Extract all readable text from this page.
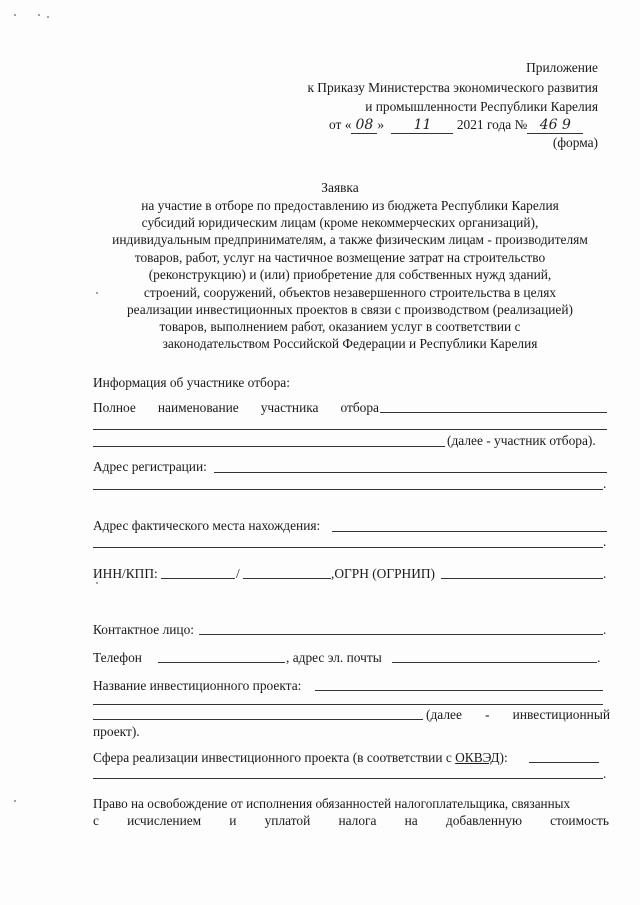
Приложение
к Приказу Министерства экономического развития
и промышленности Республики Карелия
от « 08 » 11 2021 года № 46 9
(форма)
Заявка
на участие в отборе по предоставлению из бюджета Республики Карелия
субсидий юридическим лицам (кроме некоммерческих организаций),
индивидуальным предпринимателям, а также физическим лицам - производителям
товаров, работ, услуг на частичное возмещение затрат на строительство
(реконструкцию) и (или) приобретение для собственных нужд зданий,
строений, сооружений, объектов незавершенного строительства в целях
реализации инвестиционных проектов в связи с производством (реализацией)
товаров, выполнением работ, оказанием услуг в соответствии с
законодательством Российской Федерации и Республики Карелия
Информация об участнике отбора:
Полное наименование участника отбора
(далее - участник отбора).
Адрес регистрации:
.
Адрес фактического места нахождения:
.
ИНН/КПП:	/	,ОГРН (ОГРНИП)	.
Контактное лицо:	.
Телефон	, адрес эл. почты	.
Название инвестиционного проекта:
(далее - инвестиционный
проект).
Сфера реализации инвестиционного проекта (в соответствии с ОКВЭД):
.
Право на освобождение от исполнения обязанностей налогоплательщика, связанных
с исчислением и уплатой налога на добавленную стоимость
